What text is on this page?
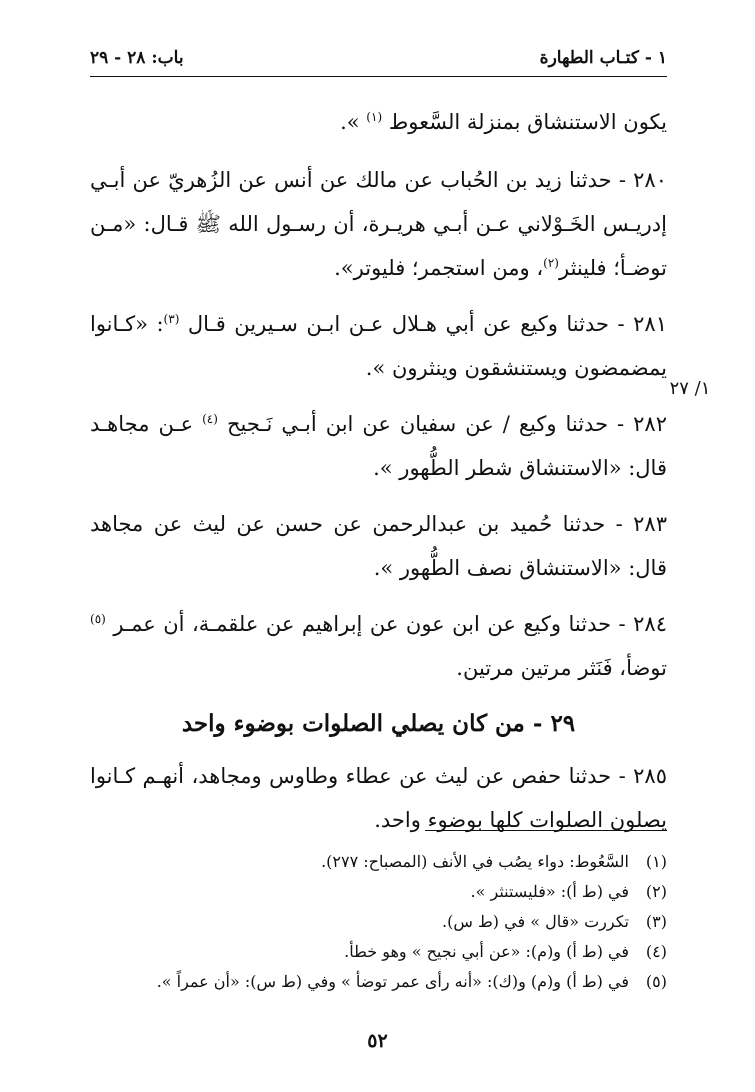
باب: ٢٨ - ٢٩	١ - كتـاب الطهارة
١/ ٢٧

يكون الاستنشاق بمنزلة السَّعوط $^{(١)}$ ».

٢٨٠ - حدثنا زيد بن الحُباب عن مالك عن أنس عن الزُهريّ عن أبـي إدريـس الخَـوْلاني عـن أبـي هريـرة، أن رسـول الله ﷺ قـال: «مـن توضـأ؛ فلينثر$^{(٢)}$، ومن استجمر؛ فليوتر».

٢٨١ - حدثنا وكيع عن أبي هـلال عـن ابـن سـيرين قـال $^{(٣)}$: «كـانوا يمضمضون ويستنشقون وينثرون ».

٢٨٢ - حدثنا وكيع / عن سفيان عن ابن أبـي نَـجيح $^{(٤)}$ عـن مجاهـد قال: «الاستنشاق شطر الطُّهور ».

٢٨٣ - حدثنا حُميد بن عبدالرحمن عن حسن عن ليث عن مجاهد قال: «الاستنشاق نصف الطُّهور ».

٢٨٤ - حدثنا وكيع عن ابن عون عن إبراهيم عن علقمـة، أن عمـر $^{(٥)}$ توضأ، فَنَثر مرتين مرتين.

٢٩ - من كان يصلي الصلوات بوضوء واحد

٢٨٥ - حدثنا حفص عن ليث عن عطاء وطاوس ومجاهد، أنهـم كـانوا يصلون الصلوات كلها بوضوء واحد.

(١)
السَّعُوط: دواء يصُب في الأنف (المصباح: ٢٧٧).
(٢)
في (ط أ): «فليستنثر ».
(٣)
تكررت «قال » في (ط س).
(٤)
في (ط أ) و(م): «عن أبي نجيح » وهو خطأ.
(٥)
في (ط أ) و(م) و(ك): «أنه رأى عمر توضأ » وفي (ط س): «أن عمراً ».
٥٢
